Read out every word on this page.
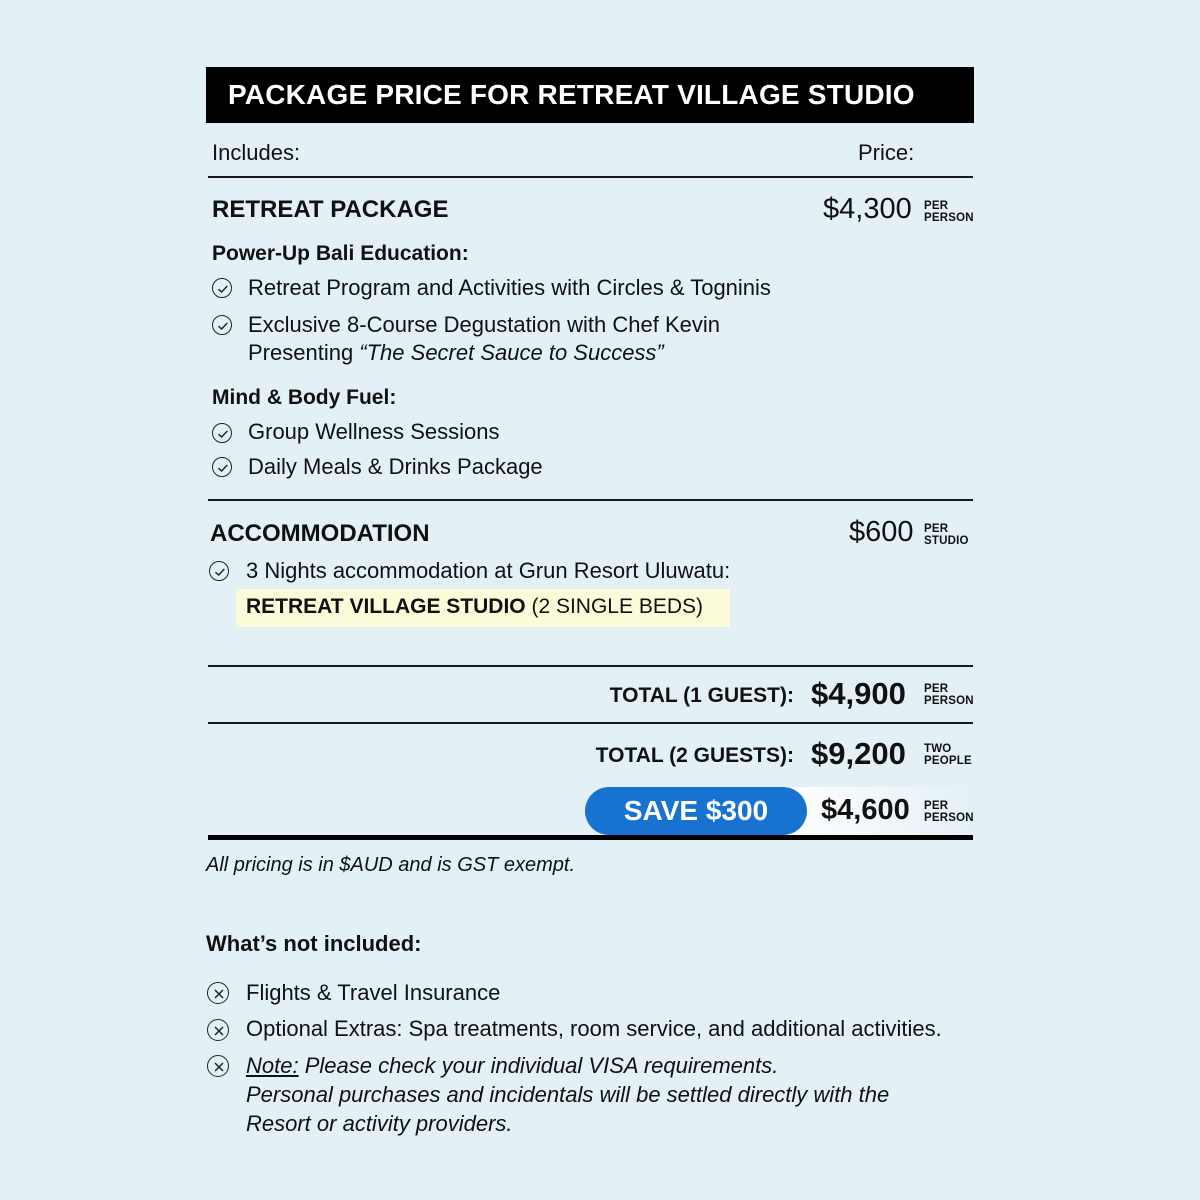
PACKAGE PRICE FOR RETREAT VILLAGE STUDIO
Includes:	Price:
RETREAT PACKAGE	$4,300 PER
PERSON
Power-Up Bali Education:
Retreat Program and Activities with Circles & Togninis
Exclusive 8-Course Degustation with Chef Kevin
Presenting “The Secret Sauce to Success”
Mind & Body Fuel:
Group Wellness Sessions
Daily Meals & Drinks Package
ACCOMMODATION	$600 PER
STUDIO
3 Nights accommodation at Grun Resort Uluwatu:
RETREAT VILLAGE STUDIO (2 SINGLE BEDS)
TOTAL (1 GUEST): $4,900 PER
PERSON
TOTAL (2 GUESTS): $9,200 TWO
PEOPLE
SAVE $300	$4,600 PER
PERSON
All pricing is in $AUD and is GST exempt.
What’s not included:
Flights & Travel Insurance
Optional Extras: Spa treatments, room service, and additional activities.
Note: Please check your individual VISA requirements.
Personal purchases and incidentals will be settled directly with the
Resort or activity providers.
